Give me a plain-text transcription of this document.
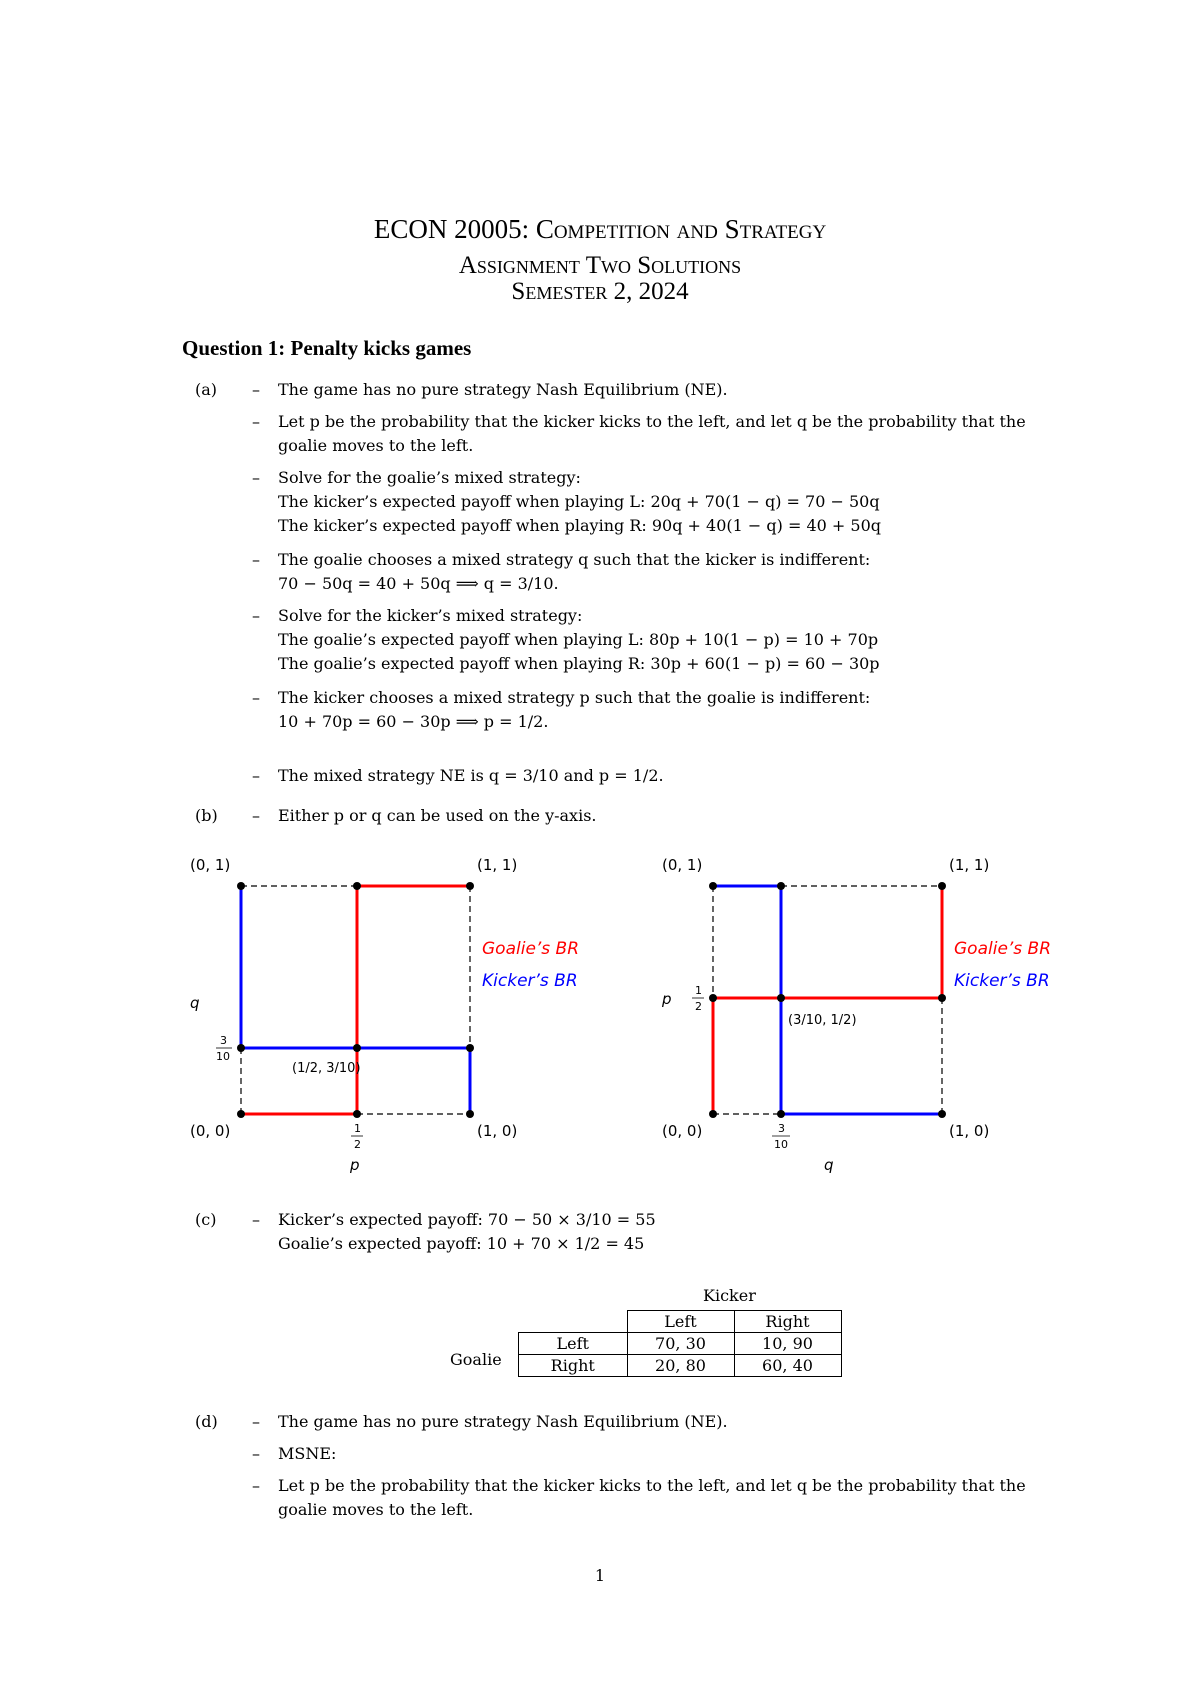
ECON 20005: Competition and Strategy
Assignment Two Solutions
Semester 2, 2024
Question 1: Penalty kicks games
(a) – The game has no pure strategy Nash Equilibrium (NE).
– Let p be the probability that the kicker kicks to the left, and let q be the probability that the goalie moves to the left.
– Solve for the goalie’s mixed strategy:
The kicker’s expected payoff when playing L: 20q + 70(1 − q) = 70 − 50q
The kicker’s expected payoff when playing R: 90q + 40(1 − q) = 40 + 50q
– The goalie chooses a mixed strategy q such that the kicker is indifferent:
70 − 50q = 40 + 50q ⟹ q = 3/10.
– Solve for the kicker’s mixed strategy:
The goalie’s expected payoff when playing L: 80p + 10(1 − p) = 10 + 70p
The goalie’s expected payoff when playing R: 30p + 60(1 − p) = 60 − 30p
– The kicker chooses a mixed strategy p such that the goalie is indifferent:
10 + 70p = 60 − 30p ⟹ p = 1/2.
– The mixed strategy NE is q = 3/10 and p = 1/2.
(b) – Either p or q can be used on the y-axis.
(0, 1)	(1, 1)
(0, 0)	(1, 0)
q
p
3
10
1
2
(1/2, 3/10)
Goalie’s BR
Kicker’s BR
(0, 1)	(1, 1)
(0, 0)	(1, 0)
p 1
2
3
10
q
(3/10, 1/2)
Goalie’s BR
Kicker’s BR
(c) – Kicker’s expected payoff: 70 − 50 × 3/10 = 55
Goalie’s expected payoff: 10 + 70 × 1/2 = 45
Kicker
Goalie
	Left	Right
Left	70, 30	10, 90
Right	20, 80	60, 40
(d) – The game has no pure strategy Nash Equilibrium (NE).
– MSNE:
– Let p be the probability that the kicker kicks to the left, and let q be the probability that the goalie moves to the left.
1
